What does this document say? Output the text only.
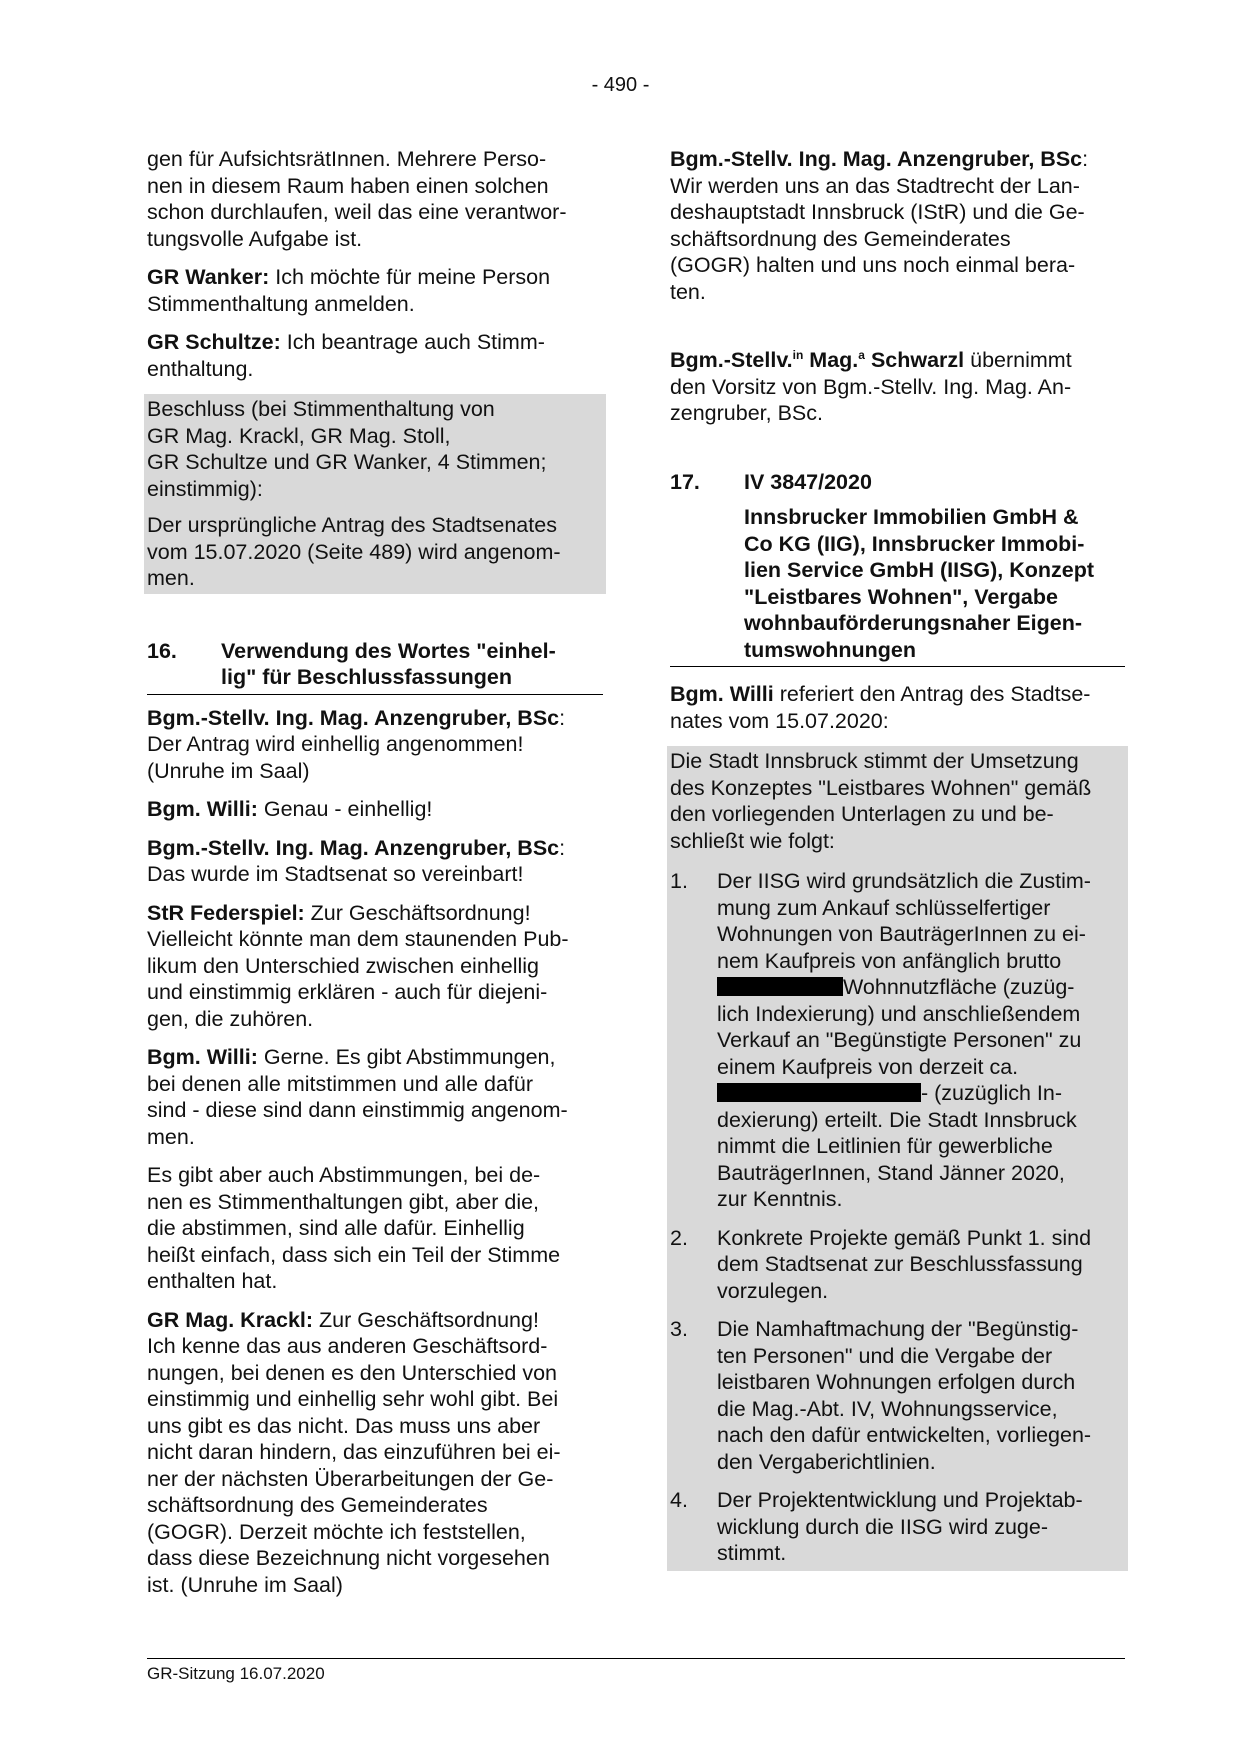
- 490 -

gen für AufsichtsrätInnen. Mehrere Perso-
nen in diesem Raum haben einen solchen
schon durchlaufen, weil das eine verantwor-
tungsvolle Aufgabe ist.

GR Wanker: Ich möchte für meine Person
Stimmenthaltung anmelden.

GR Schultze: Ich beantrage auch Stimm-
enthaltung.

Beschluss (bei Stimmenthaltung von
GR Mag. Krackl, GR Mag. Stoll,
GR Schultze und GR Wanker, 4 Stimmen;
einstimmig):

Der ursprüngliche Antrag des Stadtsenates
vom 15.07.2020 (Seite 489) wird angenom-
men.

16.	Verwendung des Wortes "einhel-
lig" für Beschlussfassungen

Bgm.-Stellv. Ing. Mag. Anzengruber, BSc:
Der Antrag wird einhellig angenommen!
(Unruhe im Saal)

Bgm. Willi: Genau - einhellig!

Bgm.-Stellv. Ing. Mag. Anzengruber, BSc:
Das wurde im Stadtsenat so vereinbart!

StR Federspiel: Zur Geschäftsordnung!
Vielleicht könnte man dem staunenden Pub-
likum den Unterschied zwischen einhellig
und einstimmig erklären - auch für diejeni-
gen, die zuhören.

Bgm. Willi: Gerne. Es gibt Abstimmungen,
bei denen alle mitstimmen und alle dafür
sind - diese sind dann einstimmig angenom-
men.

Es gibt aber auch Abstimmungen, bei de-
nen es Stimmenthaltungen gibt, aber die,
die abstimmen, sind alle dafür. Einhellig
heißt einfach, dass sich ein Teil der Stimme
enthalten hat.

GR Mag. Krackl: Zur Geschäftsordnung!
Ich kenne das aus anderen Geschäftsord-
nungen, bei denen es den Unterschied von
einstimmig und einhellig sehr wohl gibt. Bei
uns gibt es das nicht. Das muss uns aber
nicht daran hindern, das einzuführen bei ei-
ner der nächsten Überarbeitungen der Ge-
schäftsordnung des Gemeinderates
(GOGR). Derzeit möchte ich feststellen,
dass diese Bezeichnung nicht vorgesehen
ist. (Unruhe im Saal)

Bgm.-Stellv. Ing. Mag. Anzengruber, BSc:
Wir werden uns an das Stadtrecht der Lan-
deshauptstadt Innsbruck (IStR) und die Ge-
schäftsordnung des Gemeinderates
(GOGR) halten und uns noch einmal bera-
ten.

Bgm.-Stellv.$^{in}$ Mag.$^a$ Schwarzl übernimmt
den Vorsitz von Bgm.-Stellv. Ing. Mag. An-
zengruber, BSc.

17.	IV 3847/2020
Innsbrucker Immobilien GmbH &
Co KG (IIG), Innsbrucker Immobi-
lien Service GmbH (IISG), Konzept
"Leistbares Wohnen", Vergabe
wohnbauförderungsnaher Eigen-
tumswohnungen

Bgm. Willi referiert den Antrag des Stadtse-
nates vom 15.07.2020:

Die Stadt Innsbruck stimmt der Umsetzung
des Konzeptes "Leistbares Wohnen" gemäß
den vorliegenden Unterlagen zu und be-
schließt wie folgt:

1.	Der IISG wird grundsätzlich die Zustim-
mung zum Ankauf schlüsselfertiger
Wohnungen von BauträgerInnen zu ei-
nem Kaufpreis von anfänglich brutto
Wohnnutzfläche (zuzüg-
lich Indexierung) und anschließendem
Verkauf an "Begünstigte Personen" zu
einem Kaufpreis von derzeit ca.
- (zuzüglich In-
dexierung) erteilt. Die Stadt Innsbruck
nimmt die Leitlinien für gewerbliche
BauträgerInnen, Stand Jänner 2020,
zur Kenntnis.
2.	Konkrete Projekte gemäß Punkt 1. sind
dem Stadtsenat zur Beschlussfassung
vorzulegen.
3.	Die Namhaftmachung der "Begünstig-
ten Personen" und die Vergabe der
leistbaren Wohnungen erfolgen durch
die Mag.-Abt. IV, Wohnungsservice,
nach den dafür entwickelten, vorliegen-
den Vergaberichtlinien.
4.	Der Projektentwicklung und Projektab-
wicklung durch die IISG wird zuge-
stimmt.
GR-Sitzung 16.07.2020
